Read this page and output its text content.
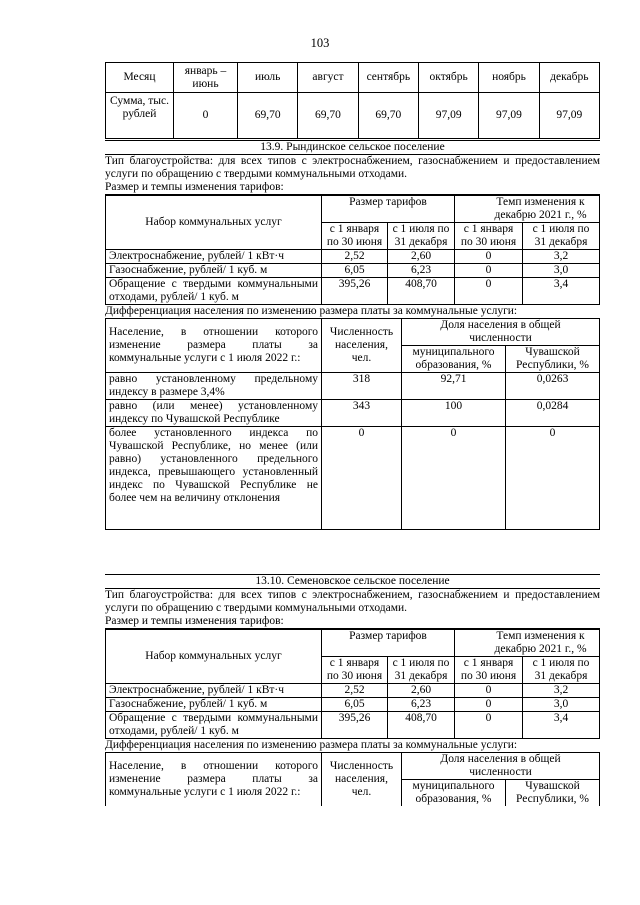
103
Месяц	январь – июнь	июль	август	сентябрь	октябрь	ноябрь	декабрь
Сумма, тыс. рублей	0	69,70	69,70	69,70	97,09	97,09	97,09
13.9. Рындинское сельское поселение
Тип благоустройства: для всех типов с электроснабжением, газоснабжением и предоставлением услуги по обращению с твердыми коммунальными отходами.
Размер и темпы изменения тарифов:
Набор коммунальных услуг	Размер тарифов		Темп изменения к декабрю 2021 г., %	
	с 1 января по 30 июня	с 1 июля по 31 декабря	с 1 января по 30 июня	с 1 июля по 31 декабря
Электроснабжение, рублей/ 1 кВт·ч	2,52	2,60	0	3,2
Газоснабжение, рублей/ 1 куб. м	6,05	6,23	0	3,0
Обращение с твердыми коммунальными отходами, рублей/ 1 куб. м	395,26	408,70	0	3,4
Дифференциация населения по изменению размера платы за коммунальные услуги:
Население, в отношении которого изменение размера платы за коммунальные услуги с 1 июля 2022 г.:	Численность населения, чел.	Доля населения в общей численности	
		муниципального образования, %	Чувашской Республики, %
равно установленному предельному индексу в размере 3,4%	318	92,71	0,0263
равно (или менее) установленному индексу по Чувашской Республике	343	100	0,0284
более установленного индекса по Чувашской Республике, но менее (или равно) установленного предельного индекса, превышающего установленный индекс по Чувашской Республике не более чем на величину отклонения	0	0	0
13.10. Семеновское сельское поселение
Тип благоустройства: для всех типов с электроснабжением, газоснабжением и предоставлением услуги по обращению с твердыми коммунальными отходами.
Размер и темпы изменения тарифов:
Набор коммунальных услуг	Размер тарифов		Темп изменения к декабрю 2021 г., %	
	с 1 января по 30 июня	с 1 июля по 31 декабря	с 1 января по 30 июня	с 1 июля по 31 декабря
Электроснабжение, рублей/ 1 кВт·ч	2,52	2,60	0	3,2
Газоснабжение, рублей/ 1 куб. м	6,05	6,23	0	3,0
Обращение с твердыми коммунальными отходами, рублей/ 1 куб. м	395,26	408,70	0	3,4
Дифференциация населения по изменению размера платы за коммунальные услуги:
Население, в отношении которого изменение размера платы за коммунальные услуги с 1 июля 2022 г.:	Численность населения, чел.	Доля населения в общей численности	
		муниципального образования, %	Чувашской Республики, %
